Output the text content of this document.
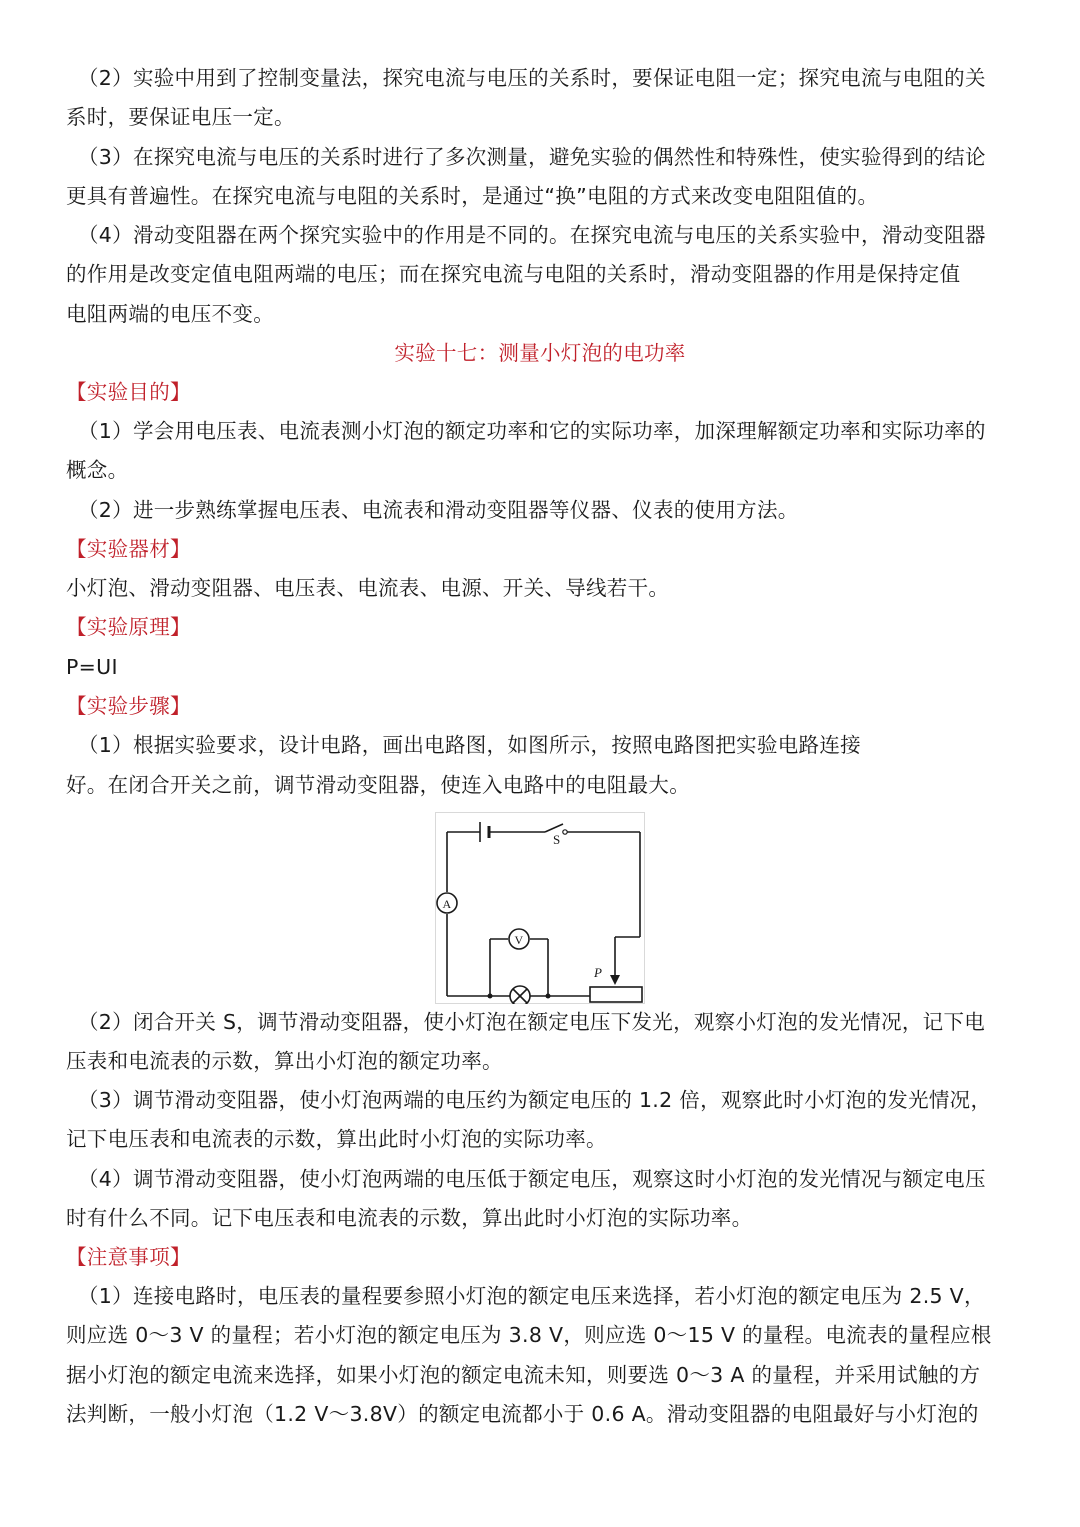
（2）实验中用到了控制变量法，探究电流与电压的关系时，要保证电阻一定；探究电流与电阻的关
系时，要保证电压一定。
（3）在探究电流与电压的关系时进行了多次测量，避免实验的偶然性和特殊性，使实验得到的结论
更具有普遍性。在探究电流与电阻的关系时，是通过“换”电阻的方式来改变电阻阻值的。
（4）滑动变阻器在两个探究实验中的作用是不同的。在探究电流与电压的关系实验中，滑动变阻器
的作用是改变定值电阻两端的电压；而在探究电流与电阻的关系时，滑动变阻器的作用是保持定值
电阻两端的电压不变。
实验十七：测量小灯泡的电功率
【实验目的】
（1）学会用电压表、电流表测小灯泡的额定功率和它的实际功率，加深理解额定功率和实际功率的
概念。
（2）进一步熟练掌握电压表、电流表和滑动变阻器等仪器、仪表的使用方法。
【实验器材】
小灯泡、滑动变阻器、电压表、电流表、电源、开关、导线若干。
【实验原理】
P=UI
【实验步骤】
（1）根据实验要求，设计电路，画出电路图，如图所示，按照电路图把实验电路连接
好。在闭合开关之前，调节滑动变阻器，使连入电路中的电阻最大。
S
A
V
P
（2）闭合开关 S，调节滑动变阻器，使小灯泡在额定电压下发光，观察小灯泡的发光情况，记下电
压表和电流表的示数，算出小灯泡的额定功率。
（3）调节滑动变阻器，使小灯泡两端的电压约为额定电压的 1.2 倍，观察此时小灯泡的发光情况，
记下电压表和电流表的示数，算出此时小灯泡的实际功率。
（4）调节滑动变阻器，使小灯泡两端的电压低于额定电压，观察这时小灯泡的发光情况与额定电压
时有什么不同。记下电压表和电流表的示数，算出此时小灯泡的实际功率。
【注意事项】
（1）连接电路时，电压表的量程要参照小灯泡的额定电压来选择，若小灯泡的额定电压为 2.5 V，
则应选 0～3 V 的量程；若小灯泡的额定电压为 3.8 V，则应选 0～15 V 的量程。电流表的量程应根
据小灯泡的额定电流来选择，如果小灯泡的额定电流未知，则要选 0～3 A 的量程，并采用试触的方
法判断，一般小灯泡（1.2 V～3.8V）的额定电流都小于 0.6 A。滑动变阻器的电阻最好与小灯泡的
